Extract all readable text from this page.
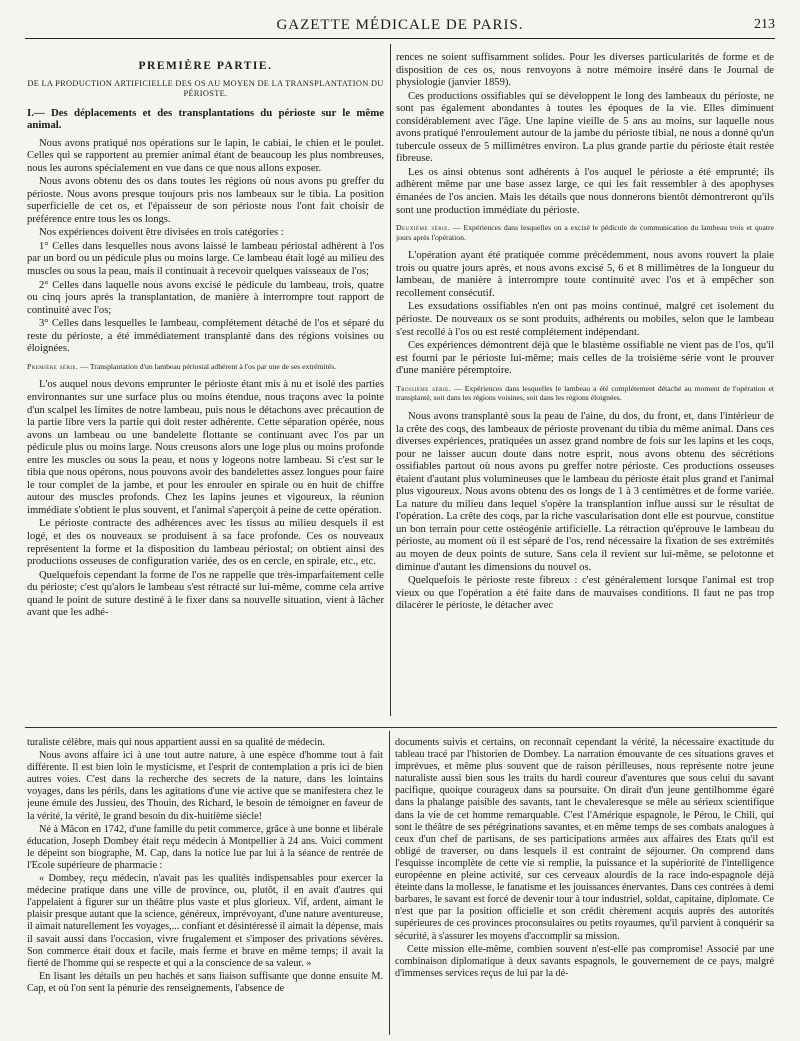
GAZETTE MÉDICALE DE PARIS.	213
PREMIÈRE PARTIE.
DE LA PRODUCTION ARTIFICIELLE DES OS AU MOYEN DE LA TRANSPLANTATION DU PÉRIOSTE.
I.— Des déplacements et des transplantations du périoste sur le même animal.

Nous avons pratiqué nos opérations sur le lapin, le cabiai, le chien et le poulet. Celles qui se rapportent au premier animal étant de beaucoup les plus nombreuses, nous les aurons spécialement en vue dans ce que nous allons exposer.

Nous avons obtenu des os dans toutes les régions où nous avons pu greffer du périoste. Nous avons presque toujours pris nos lambeaux sur le tibia. La position superficielle de cet os, et l'épaisseur de son périoste nous l'ont fait choisir de préférence entre tous les os longs.

Nos expériences doivent être divisées en trois catégories :

1° Celles dans lesquelles nous avons laissé le lambeau périostal adhérent à l'os par un bord ou un pédicule plus ou moins large. Ce lambeau était logé au milieu des muscles ou sous la peau, mais il continuait à recevoir quelques vaisseaux de l'os;

2° Celles dans laquelle nous avons excisé le pédicule du lambeau, trois, quatre ou cinq jours après la transplantation, de manière à interrompre tout rapport de continuité avec l'os;

3° Celles dans lesquelles le lambeau, complétement détaché de l'os et séparé du reste du périoste, a été immédiatement transplanté dans des régions voisines ou éloignées.

Première série. — Transplantation d'un lambeau périostal adhérent à l'os par une de ses extrémités.

L'os auquel nous devons emprunter le périoste étant mis à nu et isolé des parties environnantes sur une surface plus ou moins étendue, nous traçons avec la pointe d'un scalpel les limites de notre lambeau, puis nous le détachons avec précaution de la partie libre vers la partie qui doit rester adhérente. Cette séparation opérée, nous avons un lambeau ou une bandelette flottante se continuant avec l'os par un pédicule plus ou moins large. Nous creusons alors une loge plus ou moins profonde entre les muscles ou sous la peau, et nous y logeons notre lambeau. Si c'est sur le tibia que nous opérons, nous pouvons avoir des bandelettes assez longues pour faire le tour complet de la jambe, et pour les enrouler en spirale ou en huit de chiffre autour des muscles profonds. Chez les lapins jeunes et vigoureux, la réunion immédiate s'obtient le plus souvent, et l'animal s'aperçoit à peine de cette opération.

Le périoste contracte des adhérences avec les tissus au milieu desquels il est logé, et des os nouveaux se produisent à sa face profonde. Ces os nouveaux représentent la forme et la disposition du lambeau périostal; on obtient ainsi des productions osseuses de configuration variée, des os en cercle, en spirale, etc., etc.

Quelquefois cependant la forme de l'os ne rappelle que très-imparfaitement celle du périoste; c'est qu'alors le lambeau s'est rétracté sur lui-même, comme cela arrive quand le point de suture destiné à le fixer dans sa nouvelle situation, vient à lâcher avant que les adhé-

rences ne soient suffisamment solides. Pour les diverses particularités de forme et de disposition de ces os, nous renvoyons à notre mémoire inséré dans le Journal de physiologie (janvier 1859).

Ces productions ossifiables qui se développent le long des lambeaux du périoste, ne sont pas également abondantes à toutes les époques de la vie. Elles diminuent considérablement avec l'âge. Une lapine vieille de 5 ans au moins, sur laquelle nous avons pratiqué l'enroulement autour de la jambe du périoste tibial, ne nous a donné qu'un tubercule osseux de 5 millimètres environ. La plus grande partie du périoste était restée fibreuse.

Les os ainsi obtenus sont adhérents à l'os auquel le périoste a été emprunté; ils adhèrent même par une base assez large, ce qui les fait ressembler à des apophyses émanées de l'os ancien. Mais les détails que nous donnerons bientôt démontreront qu'ils sont une production immédiate du périoste.

Deuxième série. — Expériences dans lesquelles on a excisé le pédicule de communication du lambeau trois et quatre jours après l'opération.

L'opération ayant été pratiquée comme précédemment, nous avons rouvert la plaie trois ou quatre jours après, et nous avons excisé 5, 6 et 8 millimètres de la longueur du lambeau, de manière à interrompre toute continuité avec l'os et à empêcher son recollement consécutif.

Les exsudations ossifiables n'en ont pas moins continué, malgré cet isolement du périoste. De nouveaux os se sont produits, adhérents ou mobiles, selon que le lambeau s'est recollé à l'os ou est resté complétement indépendant.

Ces expériences démontrent déjà que le blastème ossifiable ne vient pas de l'os, qu'il est fourni par le périoste lui-même; mais celles de la troisième série vont le prouver d'une manière péremptoire.

Troisième série. — Expériences dans lesquelles le lambeau a été complétement détaché au moment de l'opération et transplanté, soit dans les régions voisines, soit dans les régions éloignées.

Nous avons transplanté sous la peau de l'aine, du dos, du front, et, dans l'intérieur de la crête des coqs, des lambeaux de périoste provenant du tibia du même animal. Dans ces diverses expériences, pratiquées un assez grand nombre de fois sur les lapins et les coqs, pour ne laisser aucun doute dans notre esprit, nous avons obtenu des sécrétions ossifiables partout où nous avons pu greffer notre périoste. Ces productions osseuses étaient d'autant plus volumineuses que le lambeau du périoste était plus grand et l'animal plus vigoureux. Nous avons obtenu des os longs de 1 à 3 centimètres et de forme variée. La nature du milieu dans lequel s'opère la transplantion influe aussi sur le résultat de l'opération. La crête des coqs, par la riche vascularisation dont elle est pourvue, constitue un bon terrain pour cette ostéogénie artificielle. La rétraction qu'éprouve le lambeau du périoste, au moment où il est séparé de l'os, rend nécessaire la fixation de ses extrémités au moyen de deux points de suture. Sans cela il revient sur lui-même, se pelotonne et diminue d'autant les dimensions du nouvel os.

Quelquefois le périoste reste fibreux : c'est généralement lorsque l'animal est trop vieux ou que l'opération a été faite dans de mauvaises conditions. Il faut ne pas trop dilacérer le périoste, le détacher avec

turaliste célèbre, mais qui nous appartient aussi en sa qualité de médecin.

Nous avons affaire ici à une tout autre nature, à une espèce d'homme tout à fait différente. Il est bien loin le mysticisme, et l'esprit de contemplation a pris ici de bien autres voies. C'est dans la recherche des secrets de la nature, dans les lointains voyages, dans les périls, dans les agitations d'une vie active que se manifestera chez le jeune émule des Jussieu, des Thouin, des Richard, le besoin de témoigner en faveur de la vérité, la vérité, le grand besoin du dix-huitième siècle!

Né à Mâcon en 1742, d'une famille du petit commerce, grâce à une bonne et libérale éducation, Joseph Dombey était reçu médecin à Montpellier à 24 ans. Voici comment le dépeint son biographe, M. Cap, dans la notice lue par lui à la séance de rentrée de l'Ecole supérieure de pharmacie :

« Dombey, reçu médecin, n'avait pas les qualités indispensables pour exercer la médecine pratique dans une ville de province, ou, plutôt, il en avait d'autres qui l'appelaient à figurer sur un théâtre plus vaste et plus glorieux. Vif, ardent, aimant le plaisir presque autant que la science, généreux, imprévoyant, d'une nature aventureuse, il aimait naturellement les voyages,... confiant et désintéressé il aimait la dépense, mais il savait aussi dans l'occasion, vivre frugalement et s'imposer des privations sévères. Son commerce était doux et facile, mais ferme et brave en même temps; il avait la fierté de l'homme qui se respecte et qui a la conscience de sa valeur. »

En lisant les détails un peu hachés et sans liaison suffisante que donne ensuite M. Cap, et où l'on sent la pénurie des renseignements, l'absence de

documents suivis et certains, on reconnaît cependant la vérité, la nécessaire exactitude du tableau tracé par l'historien de Dombey. La narration émouvante de ces situations graves et imprévues, et même plus souvent que de raison périlleuses, nous représente notre jeune naturaliste aussi bien sous les traits du hardi coureur d'aventures que sous celui du savant pacifique, quoique courageux dans sa poursuite. On dirait d'un jeune gentilhomme égaré dans la phalange paisible des savants, tant le chevaleresque se mêle au sérieux scientifique dans la vie de cet homme remarquable. C'est l'Amérique espagnole, le Pérou, le Chili, qui sont le théâtre de ses pérégrinations savantes, et en même temps de ses combats analogues à ceux d'un chef de partisans, de ses participations armées aux affaires des Etats qu'il est obligé de traverser, ou dans lesquels il est contraint de séjourner. On comprend dans l'esquisse incomplète de cette vie si remplie, la puissance et la supériorité de l'intelligence européenne en pleine activité, sur ces cerveaux alourdis de la race indo-espagnole déjà éteinte dans la mollesse, le fanatisme et les jouissances énervantes. Dans ces contrées à demi barbares, le savant est forcé de devenir tour à tour industriel, soldat, capitaine, diplomate. Ce n'est que par la position officielle et son crédit chèrement acquis auprès des autorités supérieures de ces provinces proconsulaires ou petits royaumes, qu'il parvient à conquérir sa sécurité, à s'assurer les moyens d'accomplir sa mission.

Cette mission elle-même, combien souvent n'est-elle pas compromise! Associé par une combinaison diplomatique à deux savants espagnols, le gouvernement de ce pays, malgré d'immenses services reçus de lui par la dé-
